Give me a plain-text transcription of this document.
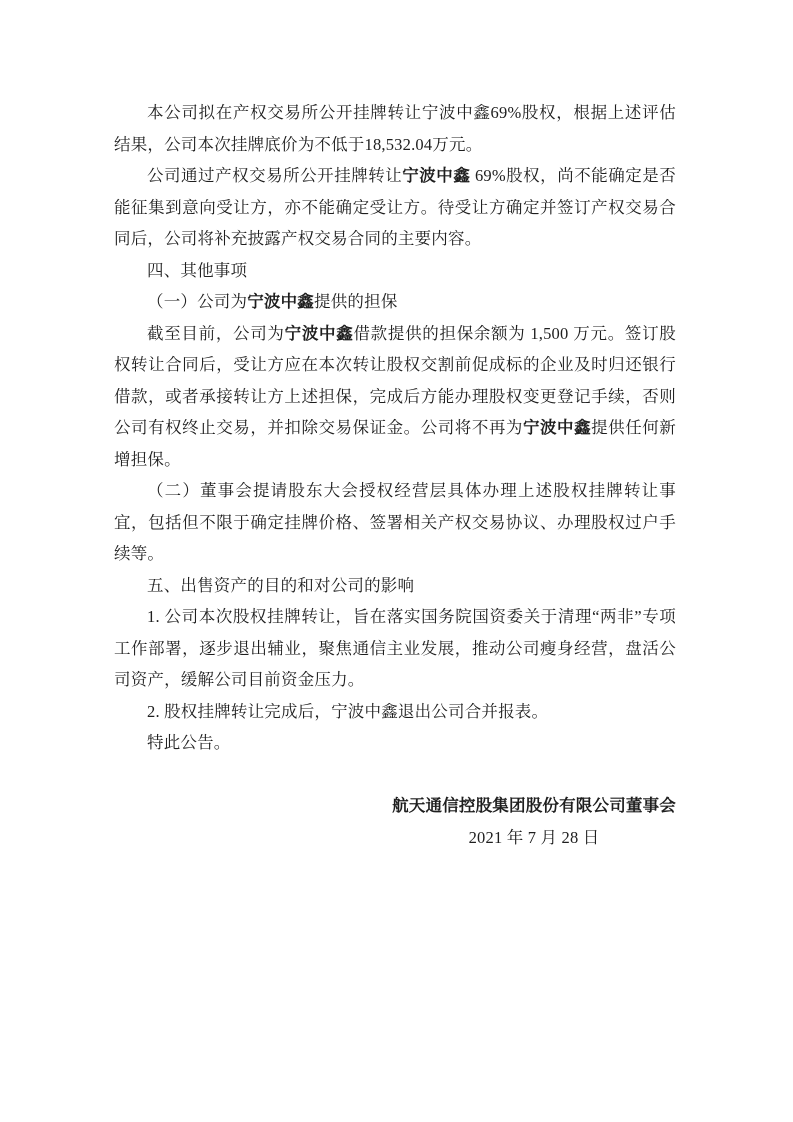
本公司拟在产权交易所公开挂牌转让宁波中鑫69%股权，根据上述评估结果，公司本次挂牌底价为不低于18,532.04万元。

公司通过产权交易所公开挂牌转让宁波中鑫 69%股权，尚不能确定是否能征集到意向受让方，亦不能确定受让方。待受让方确定并签订产权交易合同后，公司将补充披露产权交易合同的主要内容。

四、其他事项

（一）公司为宁波中鑫提供的担保

截至目前，公司为宁波中鑫借款提供的担保余额为 1,500 万元。签订股权转让合同后，受让方应在本次转让股权交割前促成标的企业及时归还银行借款，或者承接转让方上述担保，完成后方能办理股权变更登记手续，否则公司有权终止交易，并扣除交易保证金。公司将不再为宁波中鑫提供任何新增担保。

（二）董事会提请股东大会授权经营层具体办理上述股权挂牌转让事宜，包括但不限于确定挂牌价格、签署相关产权交易协议、办理股权过户手续等。

五、出售资产的目的和对公司的影响

1. 公司本次股权挂牌转让，旨在落实国务院国资委关于清理“两非”专项工作部署，逐步退出辅业，聚焦通信主业发展，推动公司瘦身经营，盘活公司资产，缓解公司目前资金压力。

2. 股权挂牌转让完成后，宁波中鑫退出公司合并报表。

特此公告。

航天通信控股集团股份有限公司董事会
2021 年 7 月 28 日
